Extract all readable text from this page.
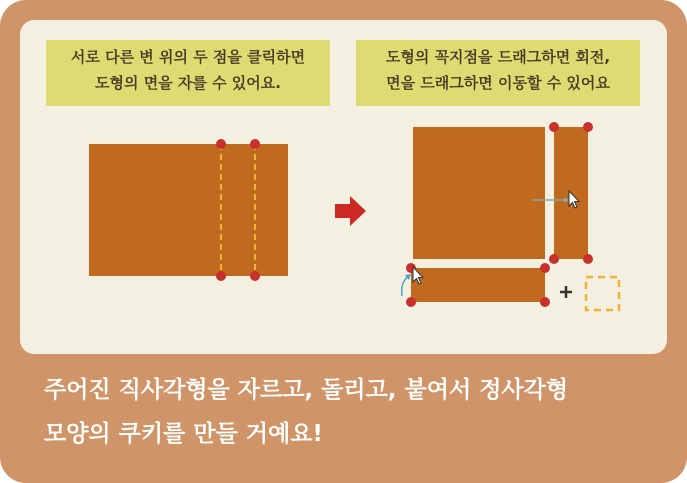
서로 다른 변 위의 두 점을 클릭하면
도형의 면을 자를 수 있어요.
도형의 꼭지점을 드래그하면 회전,
면을 드래그하면 이동할 수 있어요
주어진 직사각형을 자르고, 돌리고, 붙여서 정사각형
모양의 쿠키를 만들 거예요!
